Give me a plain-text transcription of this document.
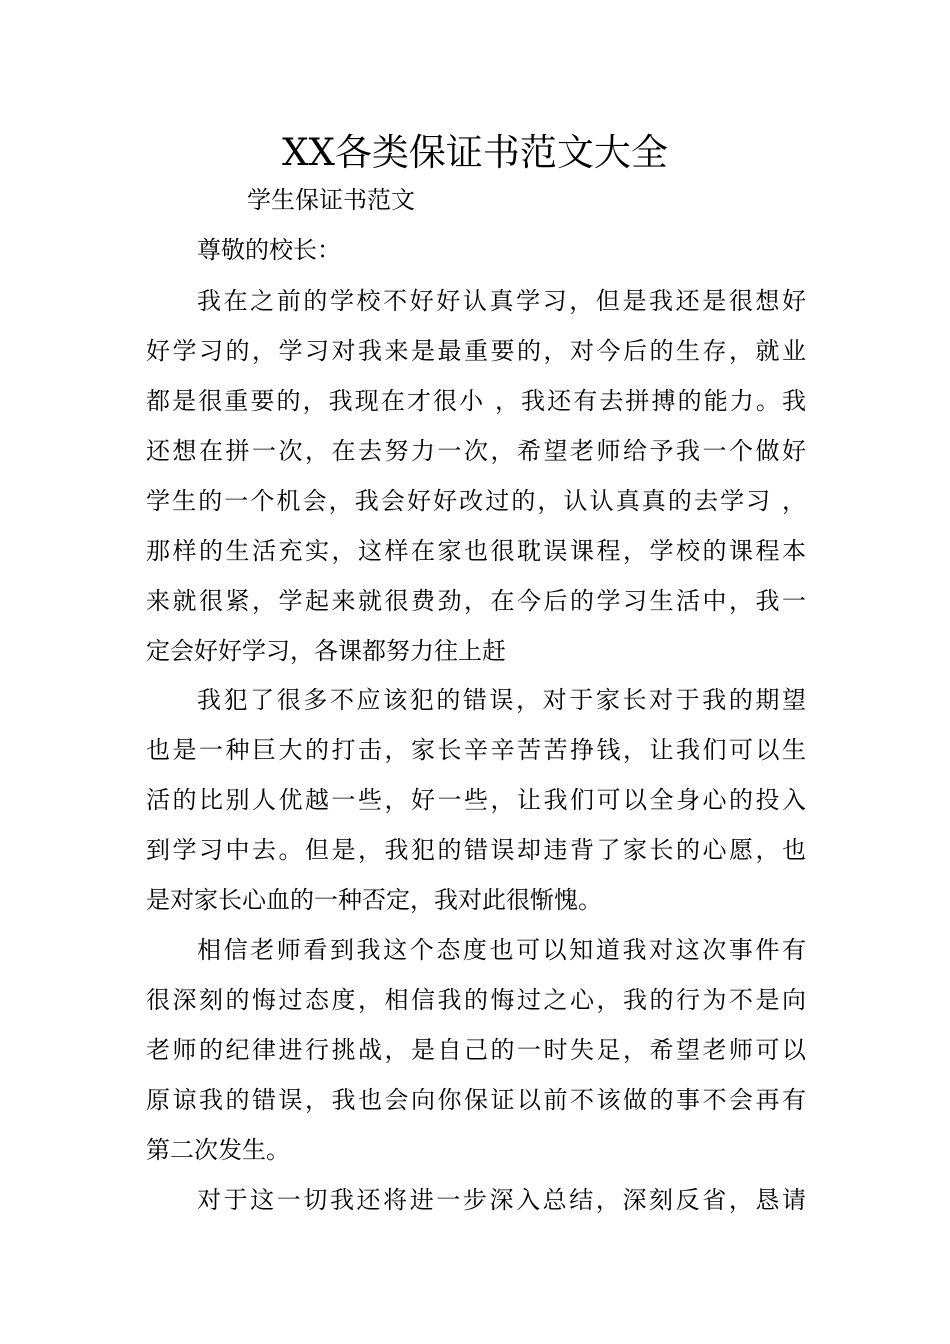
XX各类保证书范文大全

学生保证书范文

尊敬的校长：

我在之前的学校不好好认真学习，但是我还是很想好
好学习的，学习对我来是最重要的，对今后的生存，就业
都是很重要的，我现在才很小 ，我还有去拼搏的能力。我
还想在拼一次，在去努力一次，希望老师给予我一个做好
学生的一个机会，我会好好改过的，认认真真的去学习 ，
那样的生活充实，这样在家也很耽误课程，学校的课程本
来就很紧，学起来就很费劲，在今后的学习生活中，我一
定会好好学习，各课都努力往上赶
我犯了很多不应该犯的错误，对于家长对于我的期望
也是一种巨大的打击，家长辛辛苦苦挣钱，让我们可以生
活的比别人优越一些，好一些，让我们可以全身心的投入
到学习中去。但是，我犯的错误却违背了家长的心愿，也
是对家长心血的一种否定，我对此很惭愧。
相信老师看到我这个态度也可以知道我对这次事件有
很深刻的悔过态度，相信我的悔过之心，我的行为不是向
老师的纪律进行挑战，是自己的一时失足，希望老师可以
原谅我的错误，我也会向你保证以前不该做的事不会再有
第二次发生。
对于这一切我还将进一步深入总结，深刻反省，恳请
